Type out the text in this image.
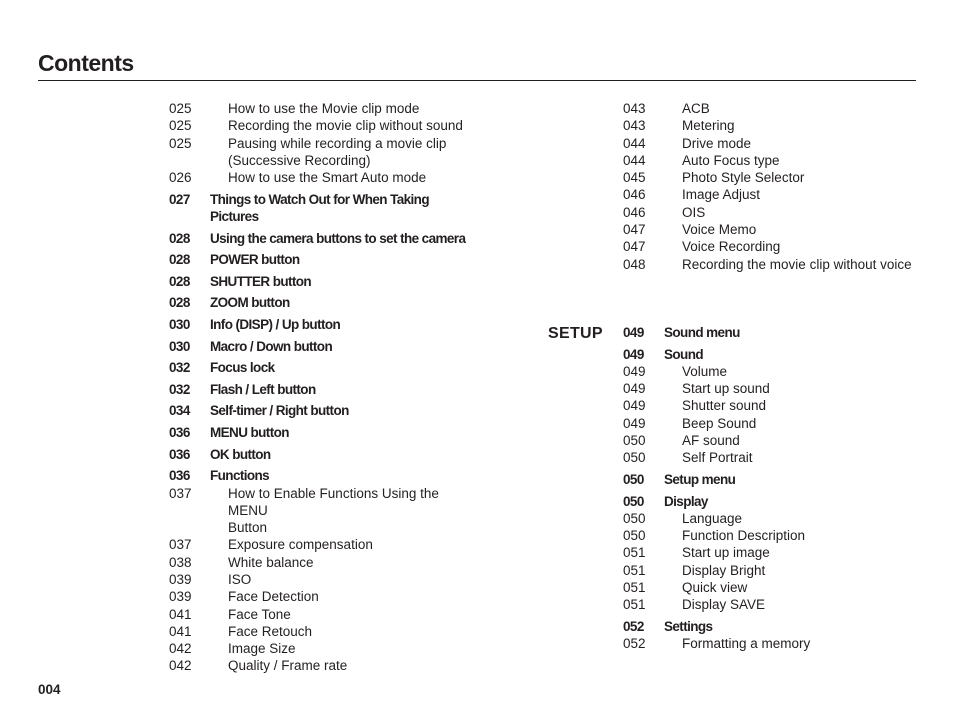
Contents
025	How to use the Movie clip mode
025	Recording the movie clip without sound
025	Pausing while recording a movie clip
(Successive Recording)
026	How to use the Smart Auto mode
027	Things to Watch Out for When Taking
Pictures
028	Using the camera buttons to set the camera
028	POWER button
028	SHUTTER button
028	ZOOM button
030	Info (DISP) / Up button
030	Macro / Down button
032	Focus lock
032	Flash / Left button
034	Self-timer / Right button
036	MENU button
036	OK button
036	Functions
037	How to Enable Functions Using the MENU
Button
037	Exposure compensation
038	White balance
039	ISO
039	Face Detection
041	Face Tone
041	Face Retouch
042	Image Size
042	Quality / Frame rate
SETUP
043	ACB
043	Metering
044	Drive mode
044	Auto Focus type
045	Photo Style Selector
046	Image Adjust
046	OIS
047	Voice Memo
047	Voice Recording
048	Recording the movie clip without voice
049	Sound menu
049	Sound
049	Volume
049	Start up sound
049	Shutter sound
049	Beep Sound
050	AF sound
050	Self Portrait
050	Setup menu
050	Display
050	Language
050	Function Description
051	Start up image
051	Display Bright
051	Quick view
051	Display SAVE
052	Settings
052	Formatting a memory
004
